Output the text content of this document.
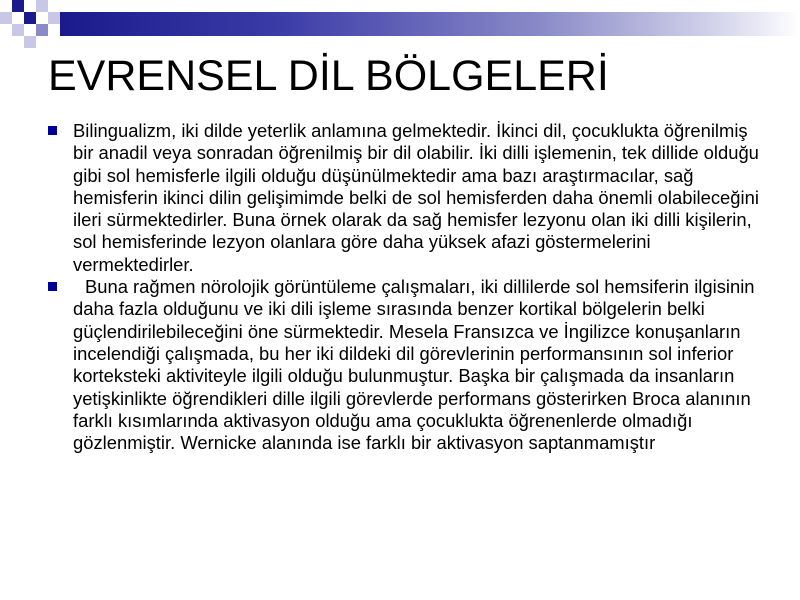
EVRENSEL DİL BÖLGELERİ
Bilingualizm, iki dilde yeterlik anlamına gelmektedir. İkinci dil, çocuklukta öğrenilmiş bir anadil veya sonradan öğrenilmiş bir dil olabilir. İki dilli işlemenin, tek dillide olduğu gibi sol hemisferle ilgili olduğu düşünülmektedir ama bazı araştırmacılar, sağ hemisferin ikinci dilin gelişimimde belki de sol hemisferden daha önemli olabileceğini ileri sürmektedirler. Buna örnek olarak da sağ hemisfer lezyonu olan iki dilli kişilerin, sol hemisferinde lezyon olanlara göre daha yüksek afazi göstermelerini vermektedirler.
Buna rağmen nörolojik görüntüleme çalışmaları, iki dillilerde sol hemsiferin ilgisinin daha fazla olduğunu ve iki dili işleme sırasında benzer kortikal bölgelerin belki güçlendirilebileceğini öne sürmektedir. Mesela Fransızca ve İngilizce konuşanların incelendiği çalışmada, bu her iki dildeki dil görevlerinin performansının sol inferior korteksteki aktiviteyle ilgili olduğu bulunmuştur. Başka bir çalışmada da insanların yetişkinlikte öğrendikleri dille ilgili görevlerde performans gösterirken Broca alanının farklı kısımlarında aktivasyon olduğu ama çocuklukta öğrenenlerde olmadığı gözlenmiştir. Wernicke alanında ise farklı bir aktivasyon saptanmamıştır
